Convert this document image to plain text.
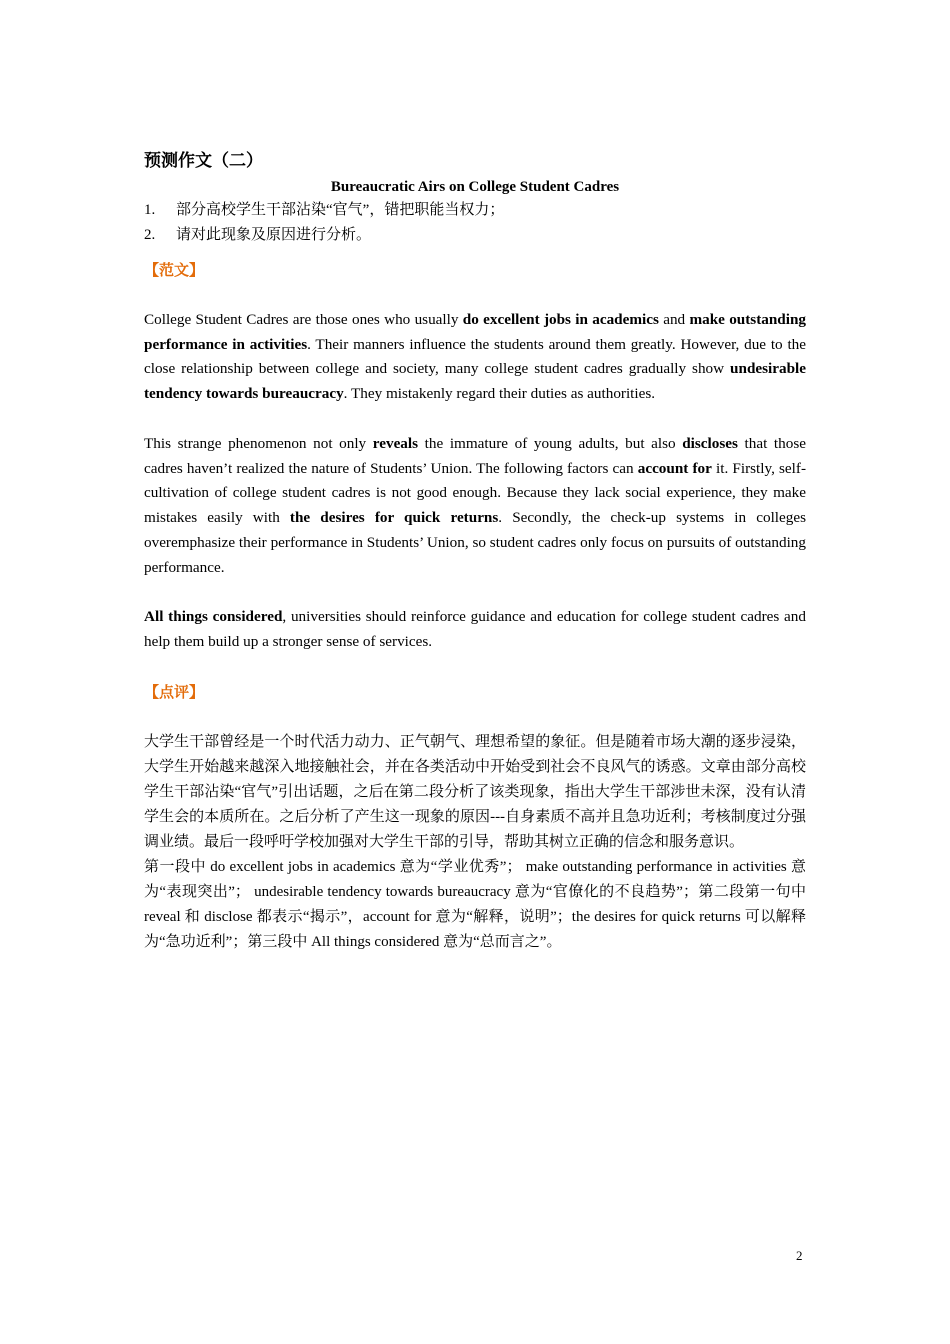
预测作文（二）

Bureaucratic Airs on College Student Cadres

1. 部分高校学生干部沾染“官气”，错把职能当权力；

2. 请对此现象及原因进行分析。

【范文】

College Student Cadres are those ones who usually do excellent jobs in academics and make outstanding performance in activities. Their manners influence the students around them greatly. However, due to the close relationship between college and society, many college student cadres gradually show undesirable tendency towards bureaucracy. They mistakenly regard their duties as authorities.

This strange phenomenon not only reveals the immature of young adults, but also discloses that those cadres haven’t realized the nature of Students’ Union. The following factors can account for it. Firstly, self-cultivation of college student cadres is not good enough. Because they lack social experience, they make mistakes easily with the desires for quick returns. Secondly, the check-up systems in colleges overemphasize their performance in Students’ Union, so student cadres only focus on pursuits of outstanding performance.

All things considered, universities should reinforce guidance and education for college student cadres and help them build up a stronger sense of services.

【点评】

大学生干部曾经是一个时代活力动力、正气朝气、理想希望的象征。但是随着市场大潮的逐步浸染，大学生开始越来越深入地接触社会，并在各类活动中开始受到社会不良风气的诱惑。文章由部分高校学生干部沾染“官气”引出话题，之后在第二段分析了该类现象，指出大学生干部涉世未深，没有认清学生会的本质所在。之后分析了产生这一现象的原因---自身素质不高并且急功近利；考核制度过分强调业绩。最后一段呼吁学校加强对大学生干部的引导，帮助其树立正确的信念和服务意识。

第一段中 do excellent jobs in academics 意为“学业优秀”； make outstanding performance in activities 意为“表现突出”； undesirable tendency towards bureaucracy 意为“官僚化的不良趋势”；第二段第一句中 reveal 和 disclose 都表示“揭示”，account for 意为“解释，说明”；the desires for quick returns 可以解释为“急功近利”；第三段中 All things considered 意为“总而言之”。

2
